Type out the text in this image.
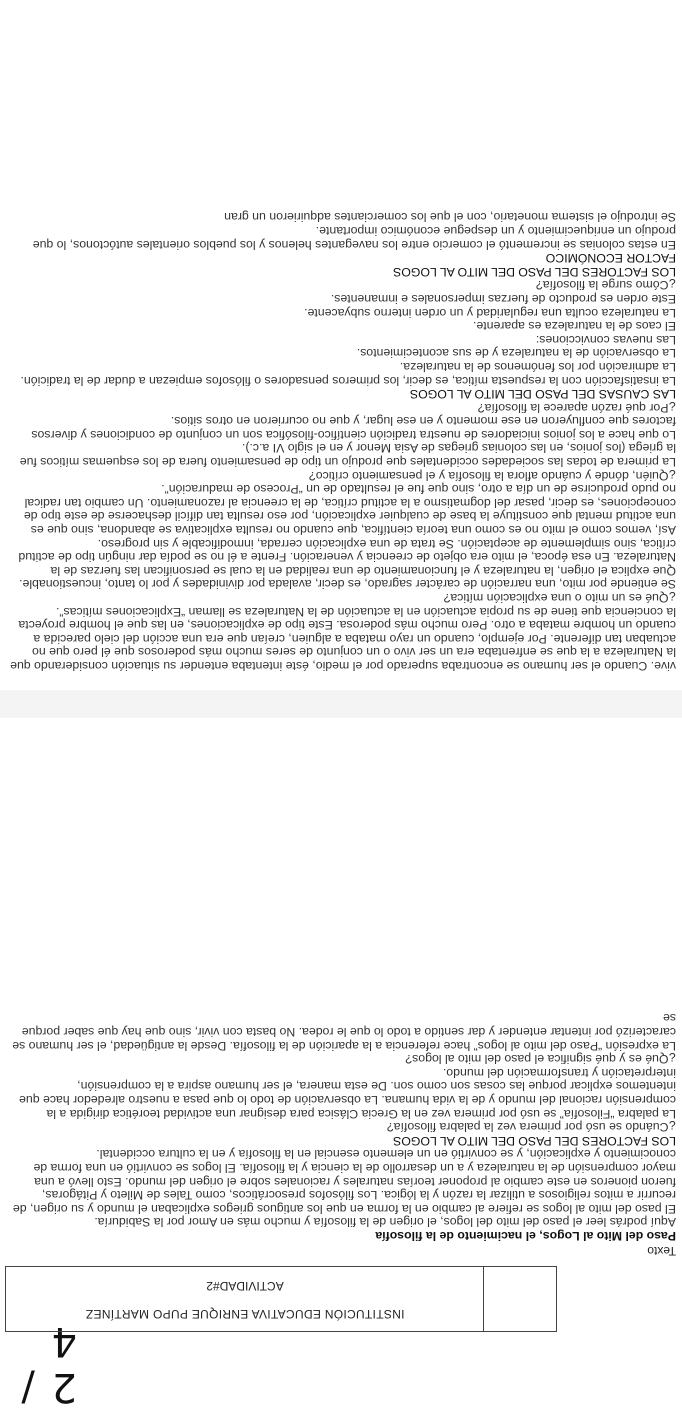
2 / 4
INSTITUCIÓN EDUCATIVA ENRIQUE PUPO MARTÍNEZ
ACTIVIDAD#2
Texto

Paso del Mito al Logos, el nacimiento de la filosofía

Aquí podrás leer el paso del mito del logos, el origen de la filosofía y mucho más en Amor por la Sabiduría.

El paso del mito al logos se refiere al cambio en la forma en que los antiguos griegos explicaban el mundo y su origen, de recurrir a mitos religiosos a utilizar la razón y la lógica. Los filósofos presocráticos, como Tales de Mileto y Pitágoras, fueron pioneros en este cambio al proponer teorías naturales y racionales sobre el origen del mundo. Esto llevó a una mayor comprensión de la naturaleza y a un desarrollo de la ciencia y la filosofía. El logos se convirtió en una forma de conocimiento y explicación, y se convirtió en un elemento esencial en la filosofía y en la cultura occidental.

LOS FACTORES DEL PASO DEL MITO AL LOGOS

¿Cuándo se usó por primera vez la palabra filosofía?

La palabra “Filosofía” se usó por primera vez en la Grecia Clásica para designar una actividad teorética dirigida a la comprensión racional del mundo y de la vida humana. La observación de todo lo que pasa a nuestro alrededor hace que intentemos explicar porque las cosas son como son. De esta manera, el ser humano aspira a la comprensión, interpretación y transformación del mundo.

¿Qué es y qué significa el paso del mito al logos?

La expresión “Paso del mito al logos” hace referencia a la aparición de la filosofía. Desde la antigüedad, el ser humano se caracterizó por intentar entender y dar sentido a todo lo que le rodea. No basta con vivir, sino que hay que saber porque se

vive. Cuando el ser humano se encontraba superado por el medio, éste intentaba entender su situación considerando que la Naturaleza a la que se enfrentaba era un ser vivo o un conjunto de seres mucho más poderosos que él pero que no actuaban tan diferente. Por ejemplo, cuando un rayo mataba a alguien, creían que era una acción del cielo parecida a cuando un hombre mataba a otro. Pero mucho más poderosa. Este tipo de explicaciones, en las que el hombre proyecta la conciencia que tiene de su propia actuación en la actuación de la Naturaleza se llaman “Explicaciones míticas”.

¿Qué es un mito o una explicación mítica?

Se entiende por mito, una narración de carácter sagrado, es decir, avalada por divinidades y por lo tanto, incuestionable. Que explica el origen, la naturaleza y el funcionamiento de una realidad en la cual se personifican las fuerzas de la Naturaleza. En esa época, el mito era objeto de creencia y veneración. Frente a él no se podía dar ningún tipo de actitud crítica, sino simplemente de aceptación. Se trata de una explicación cerrada, inmodificable y sin progreso.

Así, vemos como el mito no es como una teoría científica, que cuando no resulta explicativa se abandona, sino que es una actitud mental que constituye la base de cualquier explicación, por eso resulta tan difícil deshacerse de este tipo de concepciones, es decir, pasar del dogmatismo a la actitud crítica, de la creencia al razonamiento. Un cambio tan radical no pudo producirse de un día a otro, sino que fue el resultado de un “Proceso de maduración”.

¿Quién, dónde y cuándo aflora la filosofía y el pensamiento crítico?

La primera de todas las sociedades occidentales que produjo un tipo de pensamiento fuera de los esquemas míticos fue la griega (los jonios, en las colonias griegas de Asia Menor y en el siglo VI a.c.).

Lo que hace a los jonios iniciadores de nuestra tradición científico-filosófica son un conjunto de condiciones y diversos factores que confluyeron en ese momento y en ese lugar, y que no ocurrieron en otros sitios.

¿Por qué razón aparece la filosofía?

LAS CAUSAS DEL PASO DEL MITO AL LOGOS

La insatisfacción con la respuesta mítica, es decir, los primeros pensadores o filósofos empiezan a dudar de la tradición.

La admiración por los fenómenos de la naturaleza.

La observación de la naturaleza y de sus acontecimientos.

Las nuevas convicciones:

El caos de la naturaleza es aparente.

La naturaleza oculta una regularidad y un orden interno subyacente.

Este orden es producto de fuerzas impersonales e inmanentes.

¿Cómo surge la filosofía?

LOS FACTORES DEL PASO DEL MITO AL LOGOS

FACTOR ECONÓMICO

En estas colonias se incrementó el comercio entre los navegantes helenos y los pueblos orientales autóctonos, lo que produjo un enriquecimiento y un despegue económico importante.

Se introdujo el sistema monetario, con el que los comerciantes adquirieron un gran
